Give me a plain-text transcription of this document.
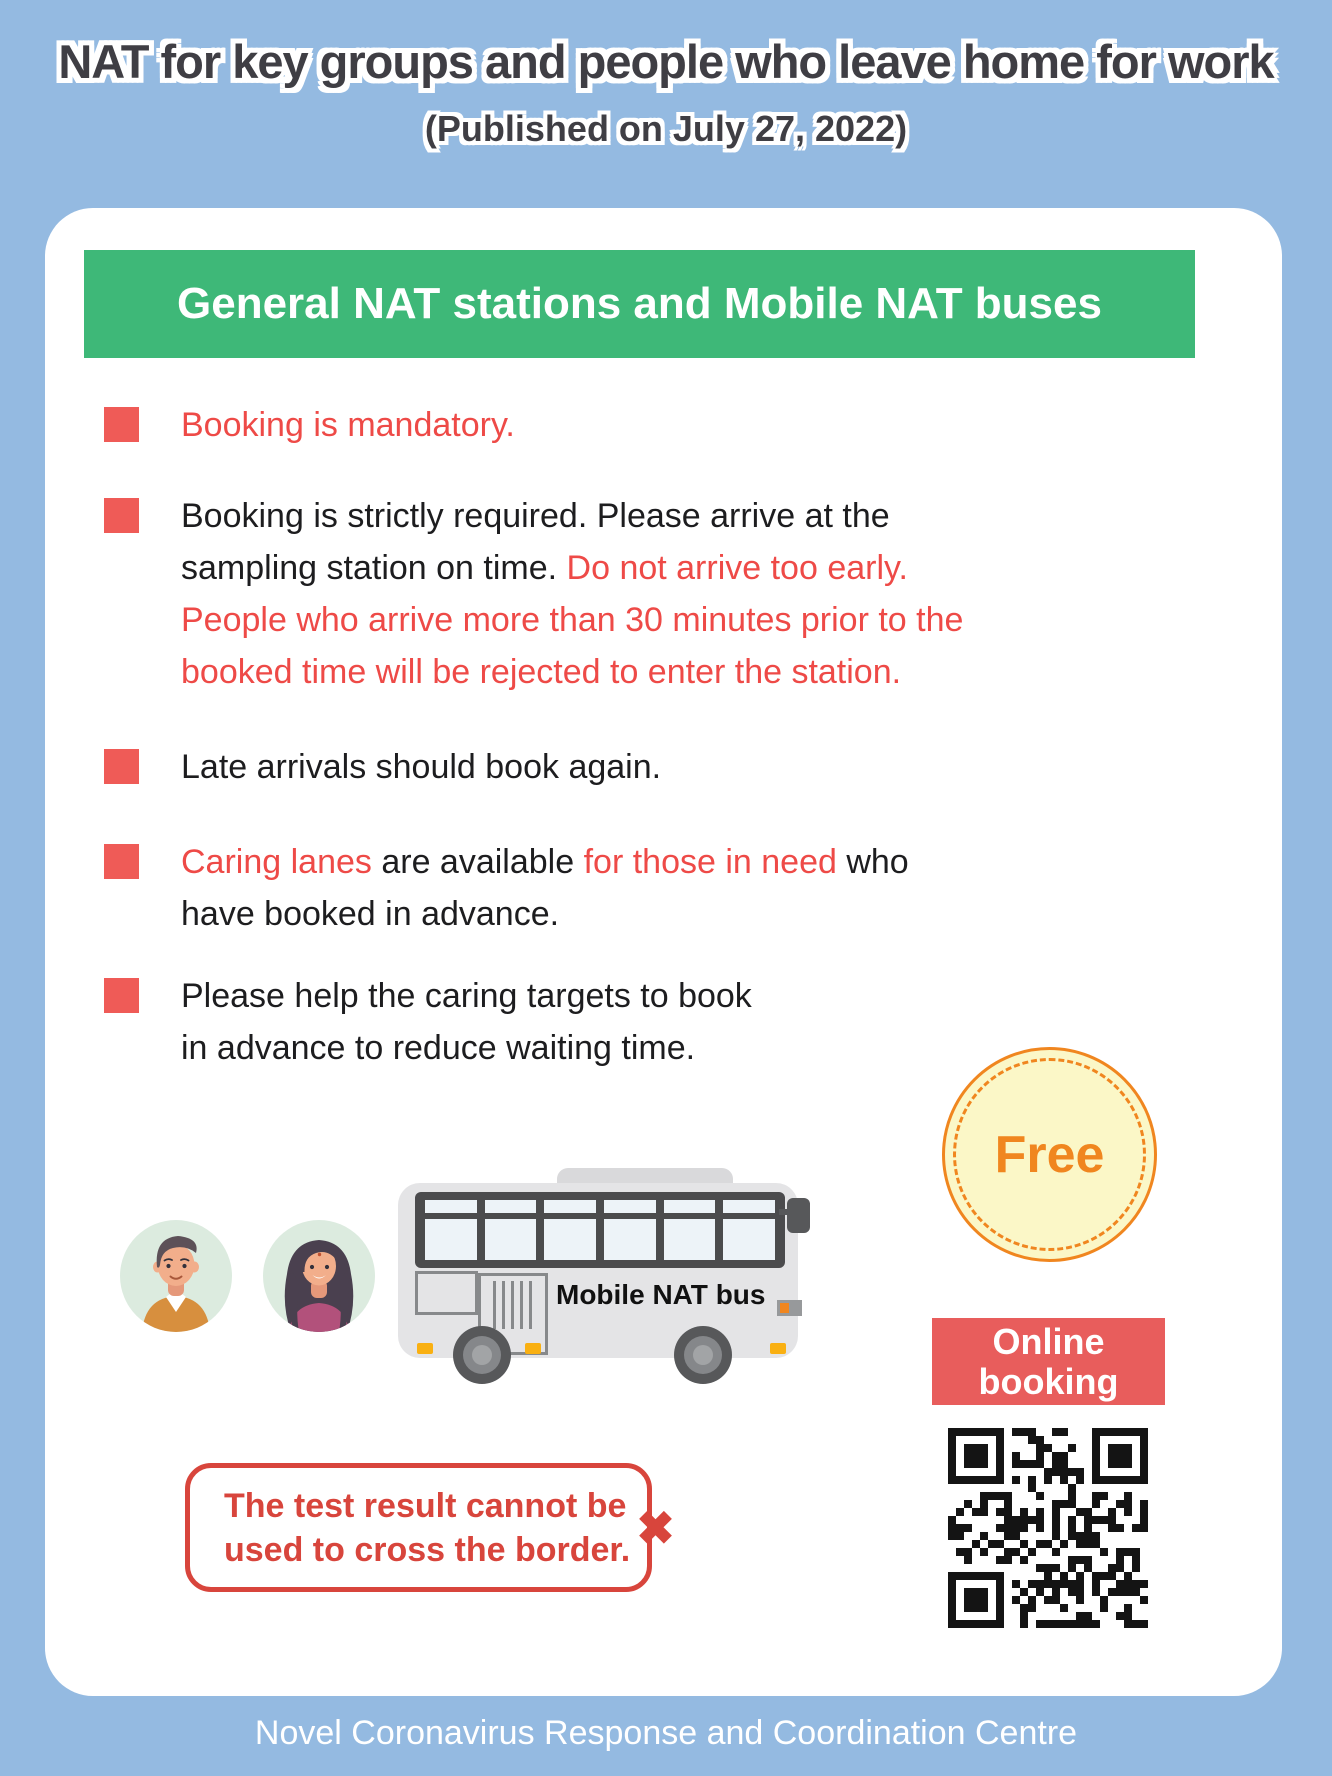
NAT for key groups and people who leave home for work
(Published on July 27, 2022)
General NAT stations and Mobile NAT buses
Booking is mandatory.
Booking is strictly required. Please arrive at the
sampling station on time. Do not arrive too early.
People who arrive more than 30 minutes prior to the
booked time will be rejected to enter the station.
Late arrivals should book again.
Caring lanes are available for those in need who
have booked in advance.
Please help the caring targets to book
in advance to reduce waiting time.
Mobile NAT bus
Free
Online
booking
The test result cannot be
used to cross the border. ✖
Novel Coronavirus Response and Coordination Centre
